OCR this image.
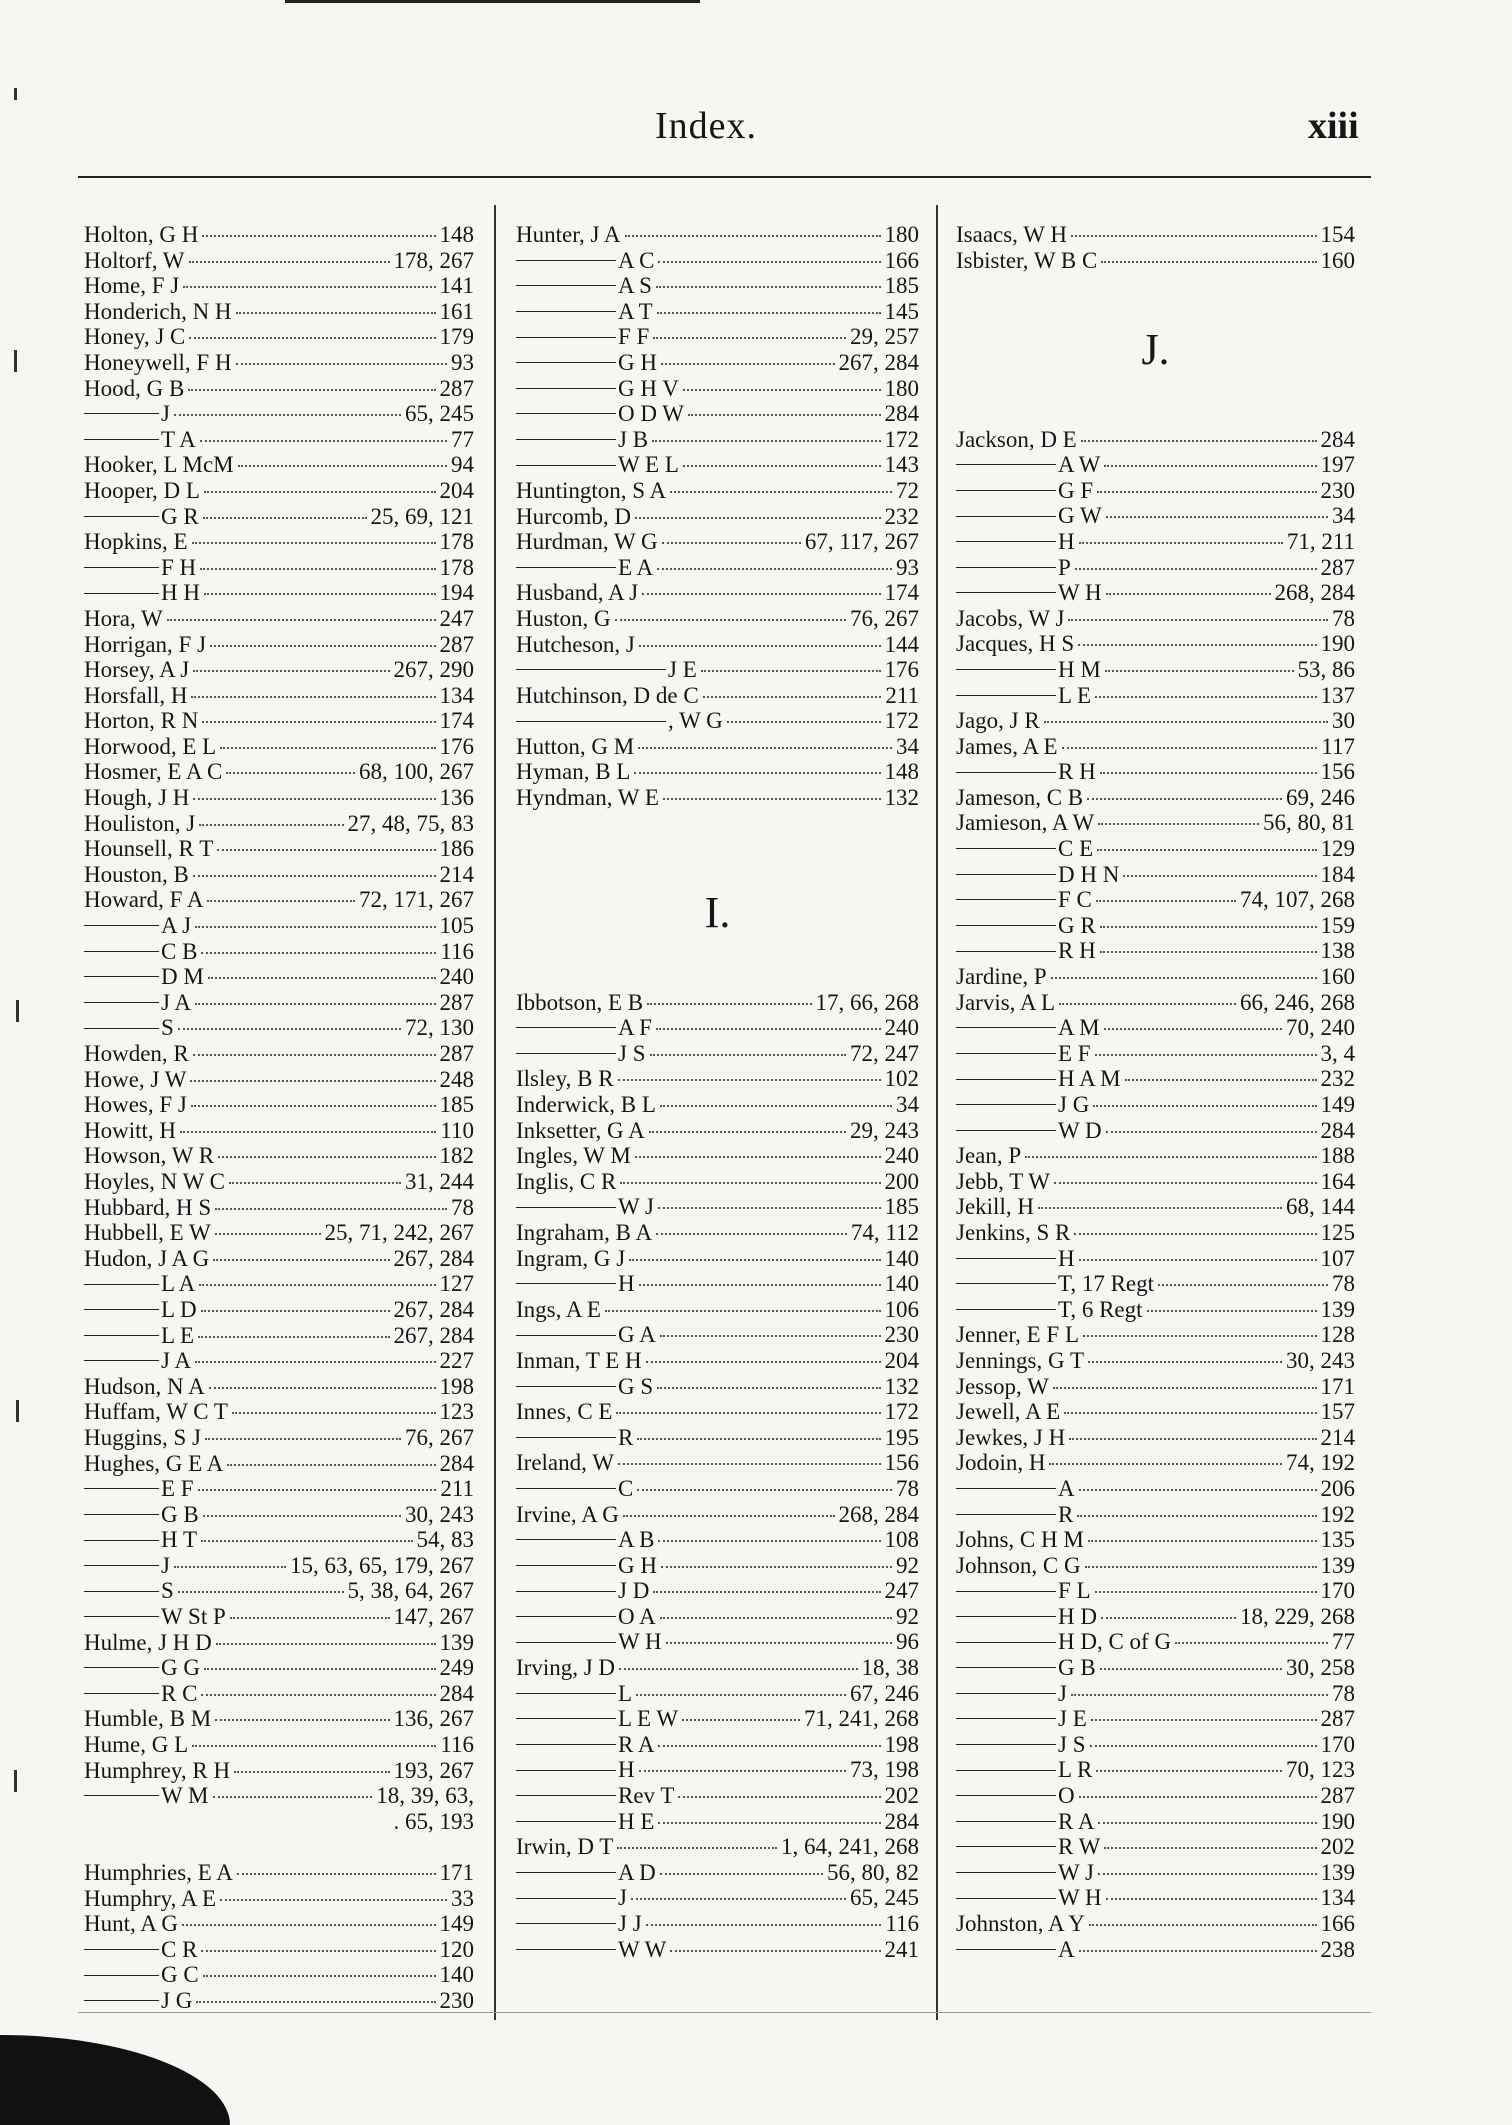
Index.	xiii
Holton, G H	148
Holtorf, W	178, 267
Home, F J	141
Honderich, N H	161
Honey, J C	179
Honeywell, F H	93
Hood, G B	287
J	65, 245
T A	77
Hooker, L McM	94
Hooper, D L	204
G R	25, 69, 121
Hopkins, E	178
F H	178
H H	194
Hora, W	247
Horrigan, F J	287
Horsey, A J	267, 290
Horsfall, H	134
Horton, R N	174
Horwood, E L	176
Hosmer, E A C	68, 100, 267
Hough, J H	136
Houliston, J	27, 48, 75, 83
Hounsell, R T	186
Houston, B	214
Howard, F A	72, 171, 267
A J	105
C B	116
D M	240
J A	287
S	72, 130
Howden, R	287
Howe, J W	248
Howes, F J	185
Howitt, H	110
Howson, W R	182
Hoyles, N W C	31, 244
Hubbard, H S	78
Hubbell, E W	25, 71, 242, 267
Hudon, J A G	267, 284
L A	127
L D	267, 284
L E	267, 284
J A	227
Hudson, N A	198
Huffam, W C T	123
Huggins, S J	76, 267
Hughes, G E A	284
E F	211
G B	30, 243
H T	54, 83
J	15, 63, 65, 179, 267
S	5, 38, 64, 267
W St P	147, 267
Hulme, J H D	139
G G	249
R C	284
Humble, B M	136, 267
Hume, G L	116
Humphrey, R H	193, 267
W M	18, 39, 63,
. 65, 193
Humphries, E A	171
Humphry, A E	33
Hunt, A G	149
C R	120
G C	140
J G	230
Hunter, J A	180
A C	166
A S	185
A T	145
F F	29, 257
G H	267, 284
G H V	180
O D W	284
J B	172
W E L	143
Huntington, S A	72
Hurcomb, D	232
Hurdman, W G	67, 117, 267
E A	93
Husband, A J	174
Huston, G	76, 267
Hutcheson, J	144
J E	176
Hutchinson, D de C	211
, W G	172
Hutton, G M	34
Hyman, B L	148
Hyndman, W E	132
I.
Ibbotson, E B	17, 66, 268
A F	240
J S	72, 247
Ilsley, B R	102
Inderwick, B L	34
Inksetter, G A	29, 243
Ingles, W M	240
Inglis, C R	200
W J	185
Ingraham, B A	74, 112
Ingram, G J	140
H	140
Ings, A E	106
G A	230
Inman, T E H	204
G S	132
Innes, C E	172
R	195
Ireland, W	156
C	78
Irvine, A G	268, 284
A B	108
G H	92
J D	247
O A	92
W H	96
Irving, J D	18, 38
L	67, 246
L E W	71, 241, 268
R A	198
H	73, 198
Rev T	202
H E	284
Irwin, D T	1, 64, 241, 268
A D	56, 80, 82
J	65, 245
J J	116
W W	241
Isaacs, W H	154
Isbister, W B C	160
J.
Jackson, D E	284
A W	197
G F	230
G W	34
H	71, 211
P	287
W H	268, 284
Jacobs, W J	78
Jacques, H S	190
H M	53, 86
L E	137
Jago, J R	30
James, A E	117
R H	156
Jameson, C B	69, 246
Jamieson, A W	56, 80, 81
C E	129
D H N	184
F C	74, 107, 268
G R	159
R H	138
Jardine, P	160
Jarvis, A L	66, 246, 268
A M	70, 240
E F	3, 4
H A M	232
J G	149
W D	284
Jean, P	188
Jebb, T W	164
Jekill, H	68, 144
Jenkins, S R	125
H	107
T, 17 Regt	78
T, 6 Regt	139
Jenner, E F L	128
Jennings, G T	30, 243
Jessop, W	171
Jewell, A E	157
Jewkes, J H	214
Jodoin, H	74, 192
A	206
R	192
Johns, C H M	135
Johnson, C G	139
F L	170
H D	18, 229, 268
H D, C of G	77
G B	30, 258
J	78
J E	287
J S	170
L R	70, 123
O	287
R A	190
R W	202
W J	139
W H	134
Johnston, A Y	166
A	238
